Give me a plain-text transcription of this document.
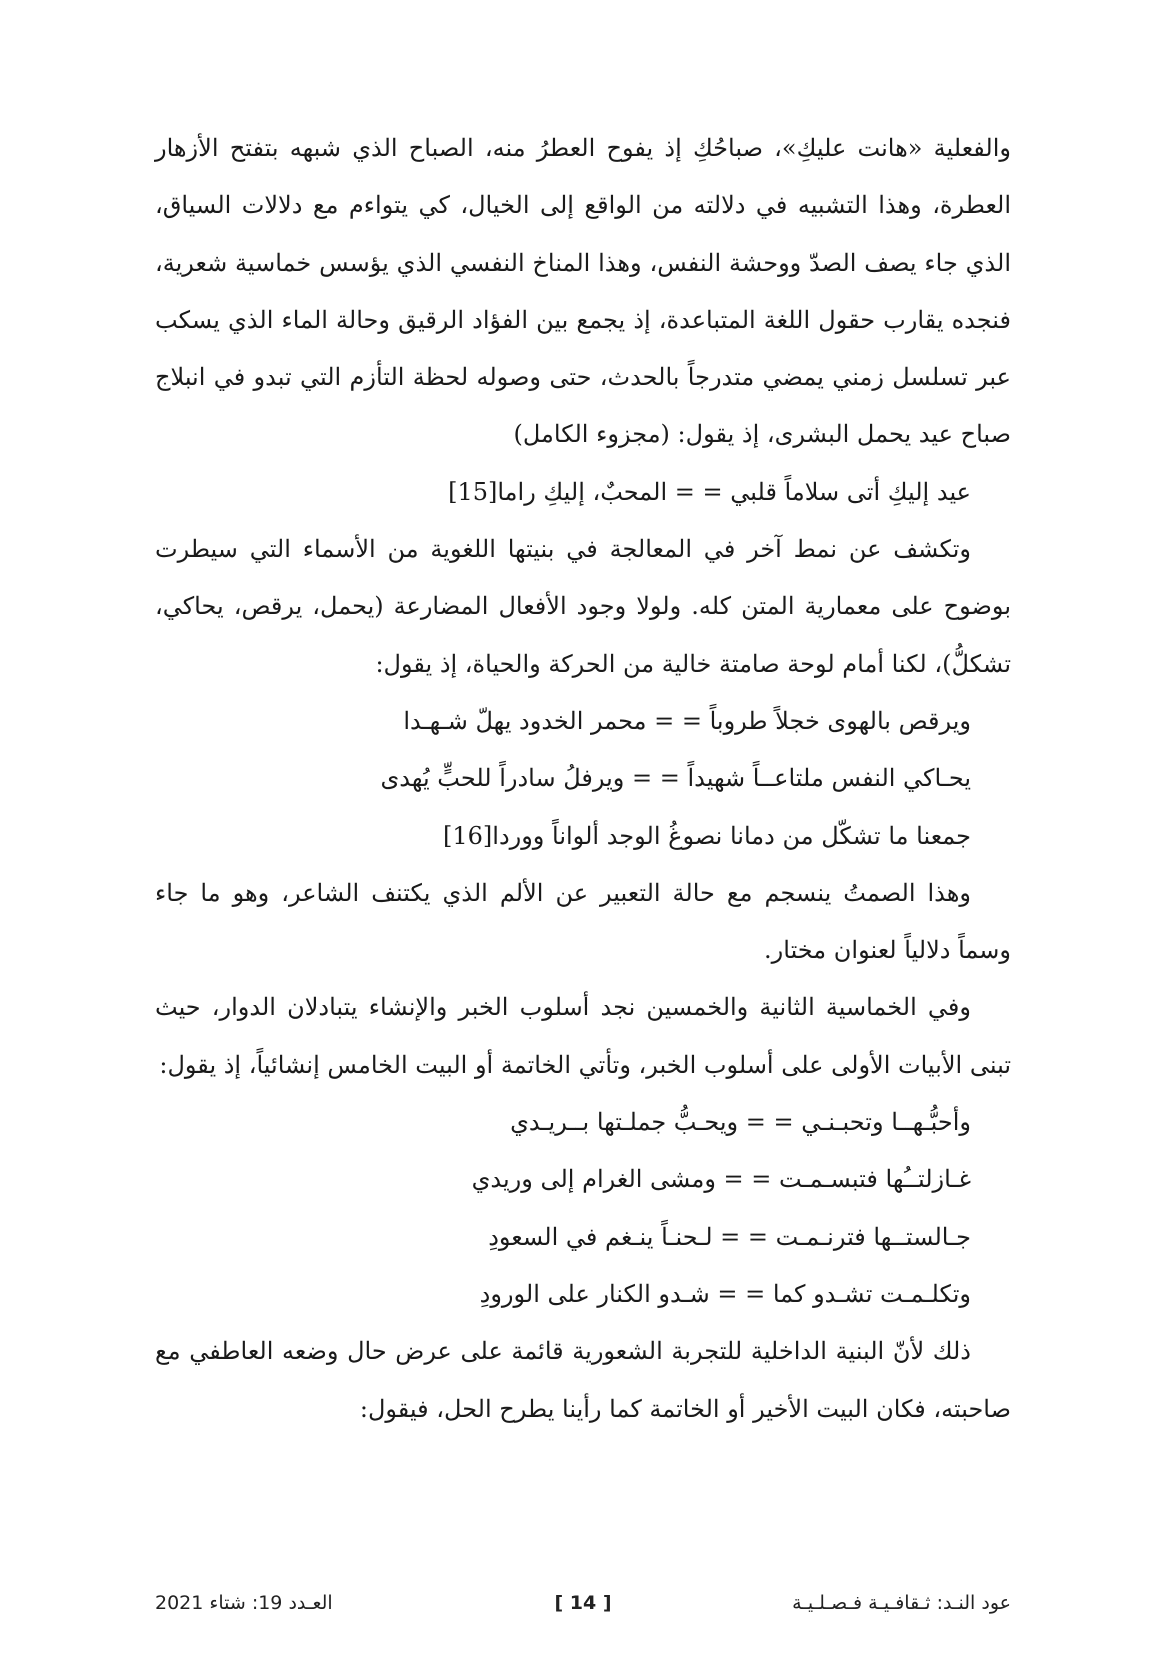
والفعلية «هانت عليكِ»، صباحُكِ إذ يفوح العطرُ منه، الصباح الذي شبهه بتفتح الأزهار العطرة، وهذا التشبيه في دلالته من الواقع إلى الخيال، كي يتواءم مع دلالات السياق، الذي جاء يصف الصدّ ووحشة النفس، وهذا المناخ النفسي الذي يؤسس خماسية شعرية، فنجده يقارب حقول اللغة المتباعدة، إذ يجمع بين الفؤاد الرقيق وحالة الماء الذي يسكب عبر تسلسل زمني يمضي متدرجاً بالحدث، حتى وصوله لحظة التأزم التي تبدو في انبلاج صباح عيد يحمل البشرى، إذ يقول: (مجزوء الكامل)

عيد إليكِ أتى سلاماً قلبي = = المحبٌ، إليكِ راما[15]

وتكشف عن نمط آخر في المعالجة في بنيتها اللغوية من الأسماء التي سيطرت بوضوح على معمارية المتن كله. ولولا وجود الأفعال المضارعة (يحمل، يرقص، يحاكي، تشكلُّ)، لكنا أمام لوحة صامتة خالية من الحركة والحياة، إذ يقول:

ويرقص بالهوى خجلاً طروباً = = محمر الخدود يهلّ شـهـدا

يحـاكي النفس ملتاعــاً شهيداً = = ويرفلُ سادراً للحبٍّ يُهدى

جمعنا ما تشكّل من دمانا نصوغُ الوجد ألواناً ووردا[16]

وهذا الصمتُ ينسجم مع حالة التعبير عن الألم الذي يكتنف الشاعر، وهو ما جاء وسماً دلالياً لعنوان مختار.

وفي الخماسية الثانية والخمسين نجد أسلوب الخبر والإنشاء يتبادلان الدوار، حيث تبنى الأبيات الأولى على أسلوب الخبر، وتأتي الخاتمة أو البيت الخامس إنشائياً، إذ يقول:

وأحبُّـهــا وتحبـنـي = = ويحـبُّ جملـتها بــريـدي

غـازلتــُها فتبسـمـت = = ومشى الغرام إلى وريدي

جـالستــها فترنـمـت = = لـحنـاً ينـغم في السعودِ

وتكلـمـت تشـدو كما = = شـدو الكنار على الورودِ

ذلك لأنّ البنية الداخلية للتجربة الشعورية قائمة على عرض حال وضعه العاطفي مع صاحبته، فكان البيت الأخير أو الخاتمة كما رأينا يطرح الحل، فيقول:

عود النـد: ثـقافـيـة فـصـلـيـة
[ 14 ]
العـدد 19: شتاء 2021
